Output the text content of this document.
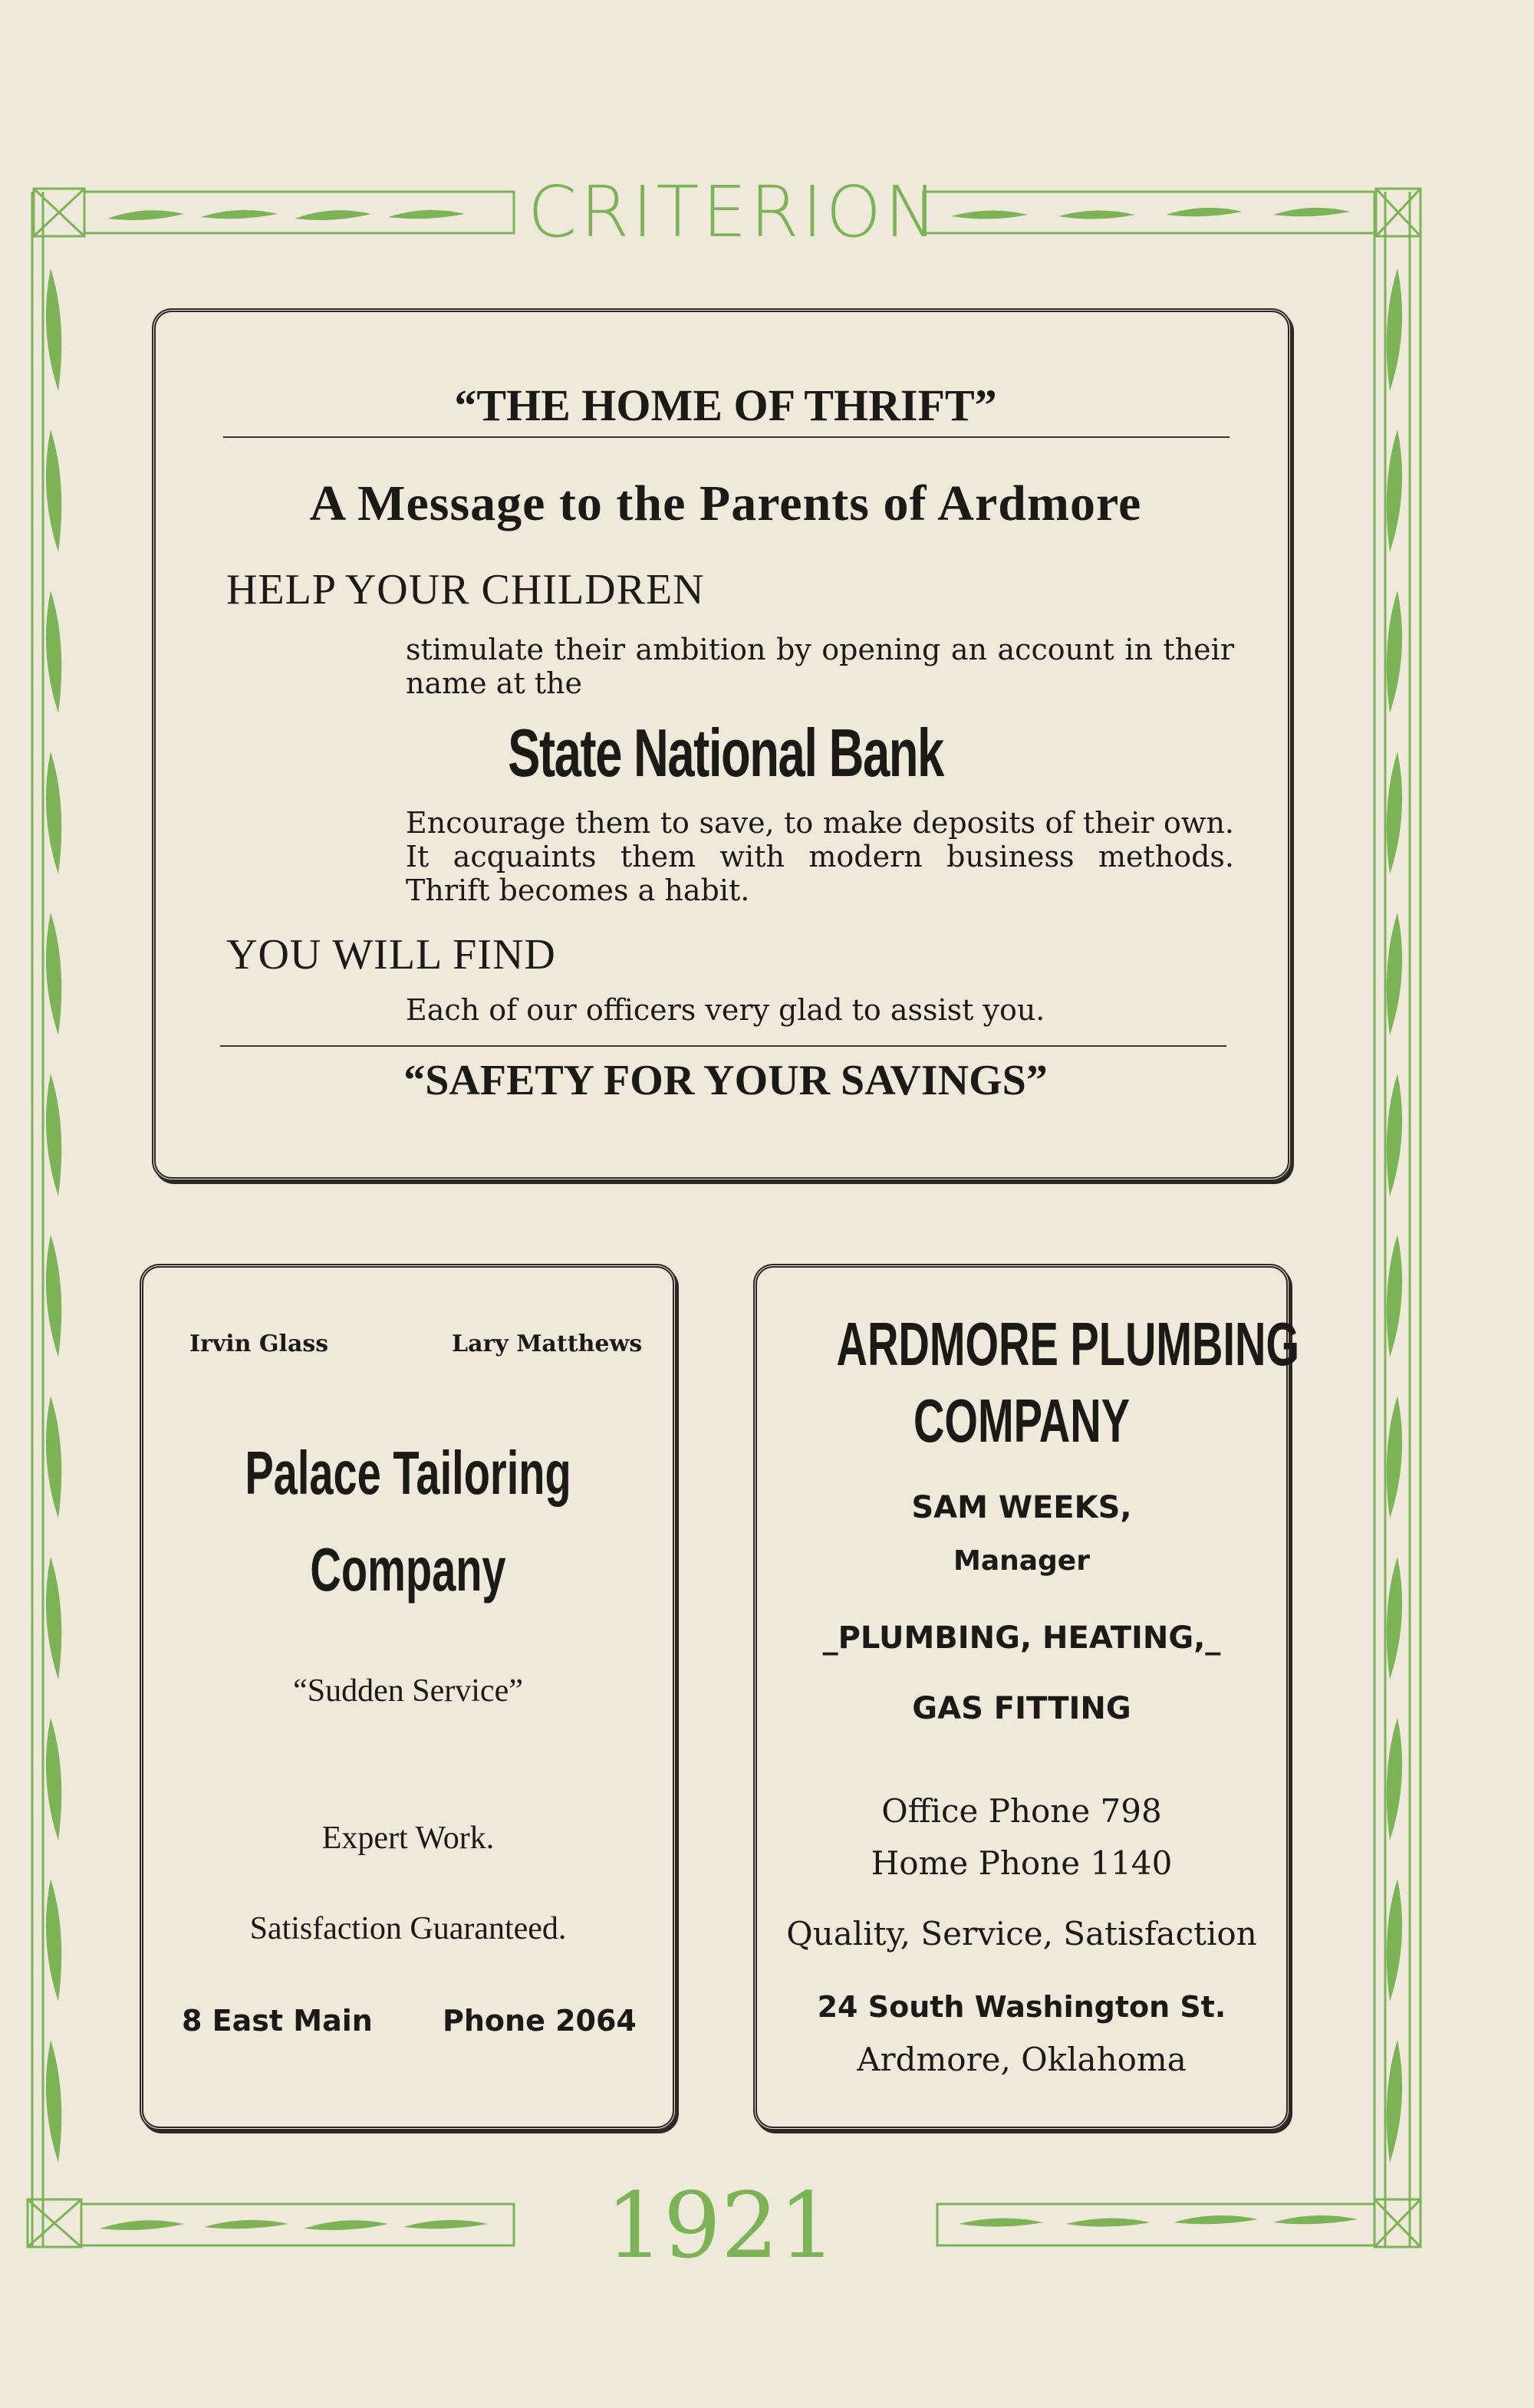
CRITERION
1921
“THE HOME OF THRIFT”
A Message to the Parents of Ardmore
HELP YOUR CHILDREN
stimulate their ambition by opening an account in their name at the
State National Bank
Encourage them to save, to make deposits of their own. It acquaints them with modern business methods. Thrift becomes a habit.
YOU WILL FIND
Each of our officers very glad to assist you.
“SAFETY FOR YOUR SAVINGS”
Irvin Glass	Lary Matthews
Palace Tailoring
Company
“Sudden Service”
Expert Work.
Satisfaction Guaranteed.
8 East Main Phone 2064
ARDMORE PLUMBING
COMPANY
SAM WEEKS,
Manager
_PLUMBING, HEATING,_
GAS FITTING
Office Phone 798
Home Phone 1140
Quality, Service, Satisfaction
24 South Washington St.
Ardmore, Oklahoma
